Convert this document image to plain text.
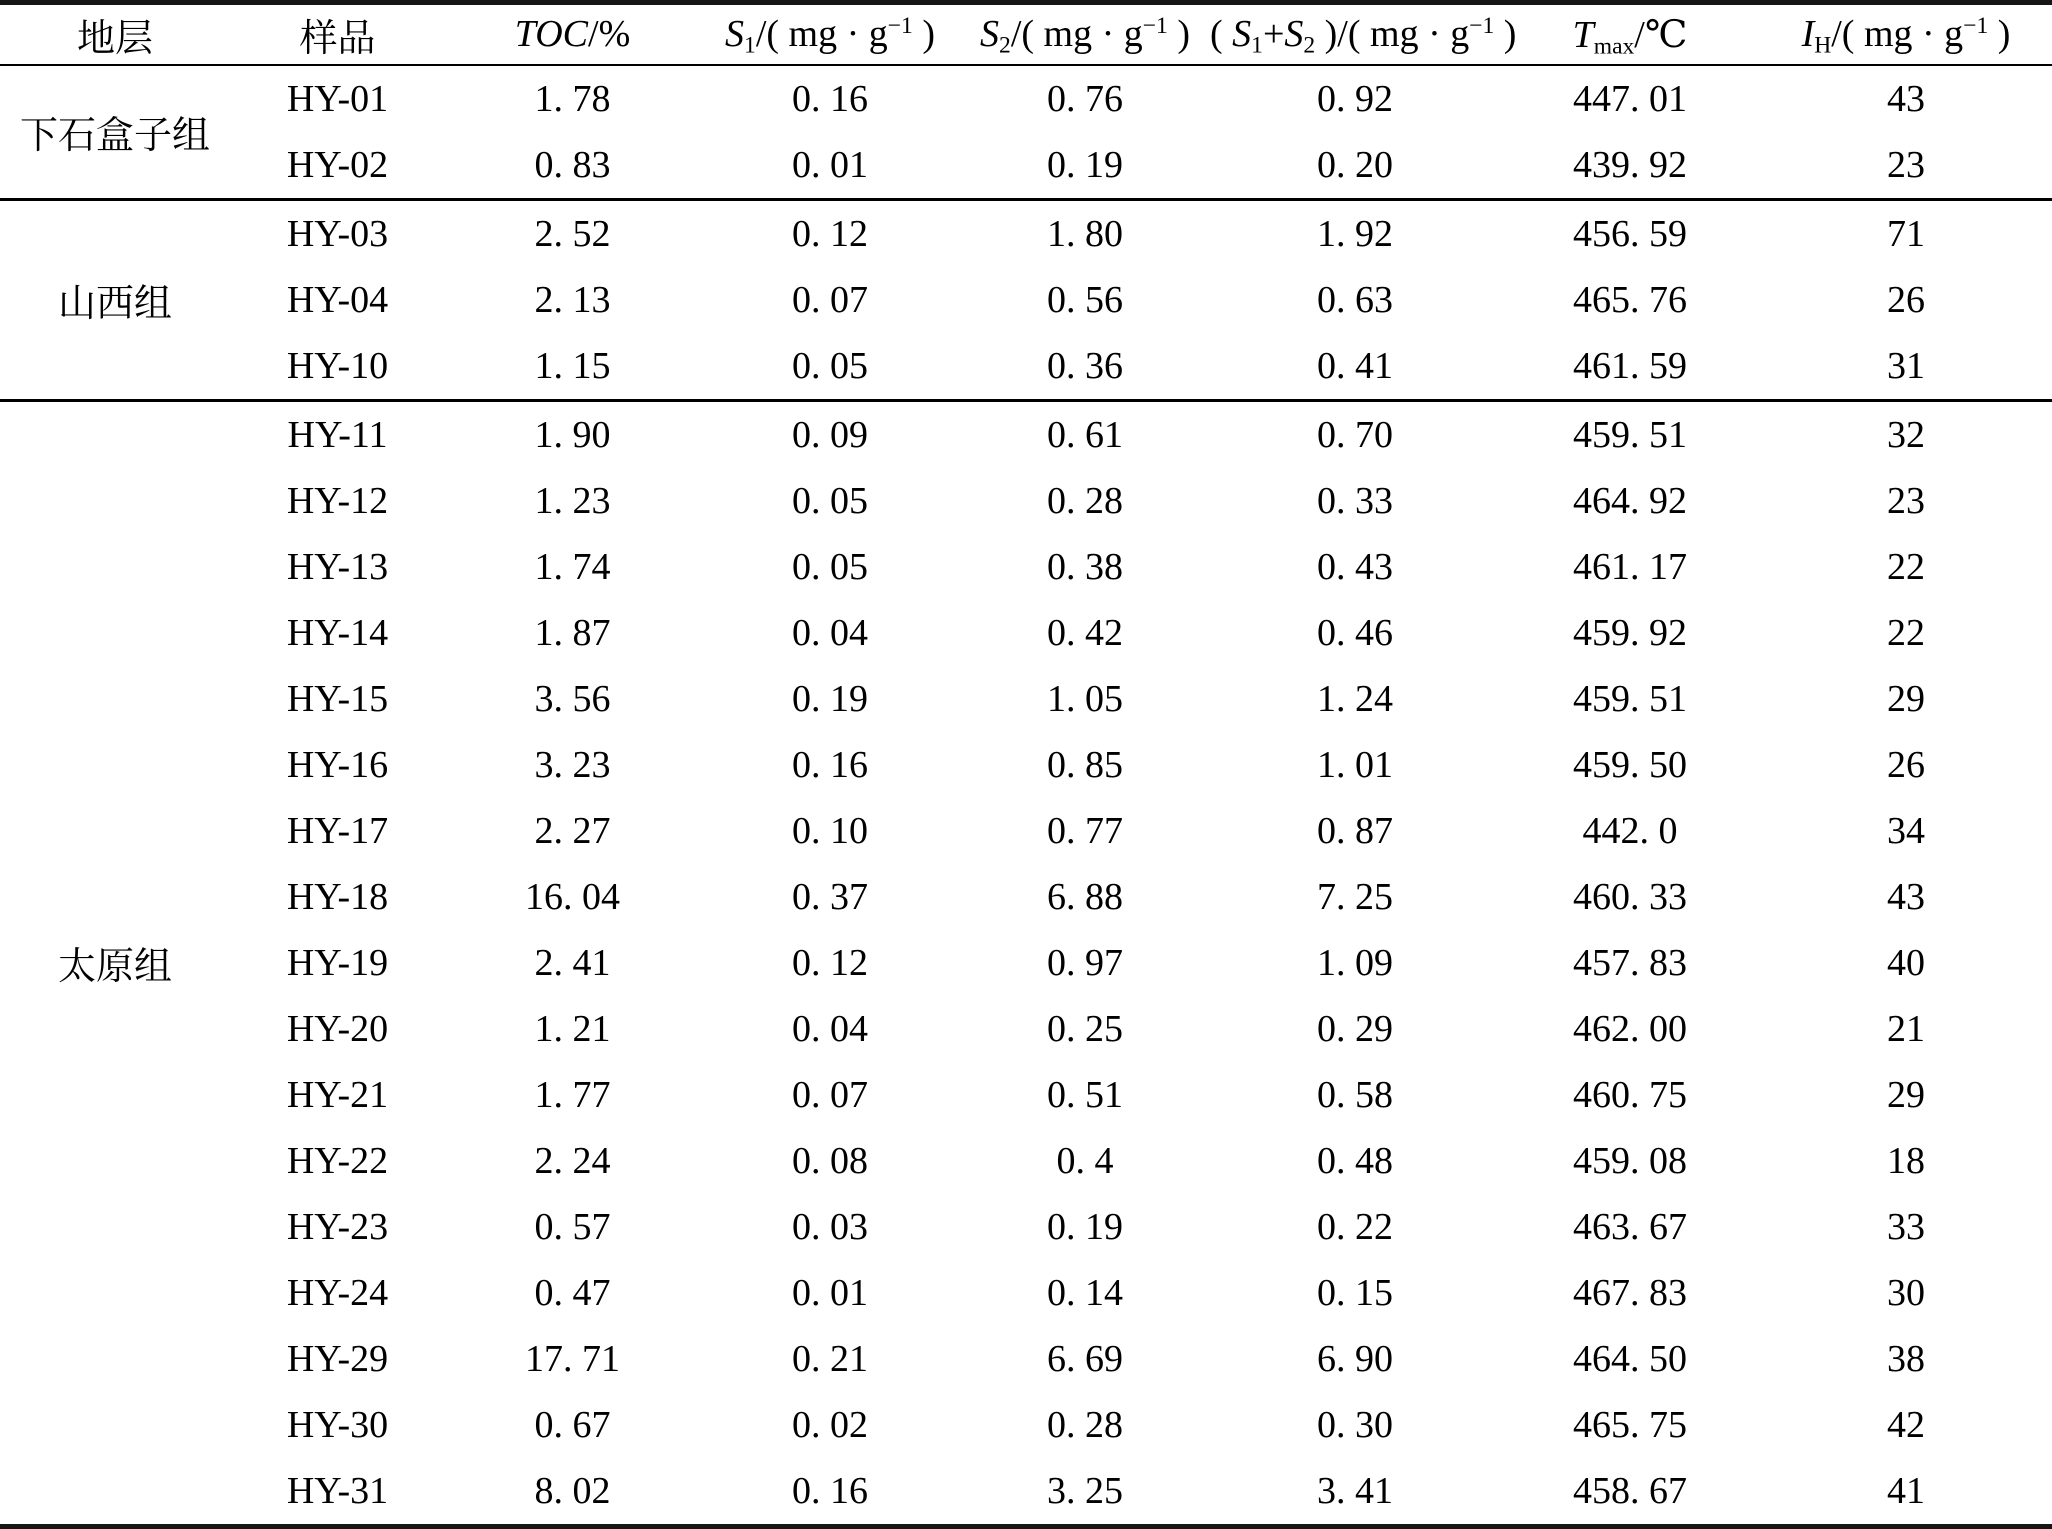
地层	样品	TOC/%	$S_1/$( mg · $g^{-1}$ )	$S_2/$( mg · $g^{-1}$ )	( $S_1+S_2$ )/( mg · $g^{-1}$ )	$T_{max}/℃$	$I_H/$( mg · $g^{-1}$ )
下石盒子组	HY-01	1. 78	0. 16	0. 76	0. 92	447. 01	43
	HY-02	0. 83	0. 01	0. 19	0. 20	439. 92	23
山西组	HY-03	2. 52	0. 12	1. 80	1. 92	456. 59	71
	HY-04	2. 13	0. 07	0. 56	0. 63	465. 76	26
	HY-10	1. 15	0. 05	0. 36	0. 41	461. 59	31
太原组	HY-11	1. 90	0. 09	0. 61	0. 70	459. 51	32
	HY-12	1. 23	0. 05	0. 28	0. 33	464. 92	23
	HY-13	1. 74	0. 05	0. 38	0. 43	461. 17	22
	HY-14	1. 87	0. 04	0. 42	0. 46	459. 92	22
	HY-15	3. 56	0. 19	1. 05	1. 24	459. 51	29
	HY-16	3. 23	0. 16	0. 85	1. 01	459. 50	26
	HY-17	2. 27	0. 10	0. 77	0. 87	442. 0	34
	HY-18	16. 04	0. 37	6. 88	7. 25	460. 33	43
	HY-19	2. 41	0. 12	0. 97	1. 09	457. 83	40
	HY-20	1. 21	0. 04	0. 25	0. 29	462. 00	21
	HY-21	1. 77	0. 07	0. 51	0. 58	460. 75	29
	HY-22	2. 24	0. 08	0. 4	0. 48	459. 08	18
	HY-23	0. 57	0. 03	0. 19	0. 22	463. 67	33
	HY-24	0. 47	0. 01	0. 14	0. 15	467. 83	30
	HY-29	17. 71	0. 21	6. 69	6. 90	464. 50	38
	HY-30	0. 67	0. 02	0. 28	0. 30	465. 75	42
	HY-31	8. 02	0. 16	3. 25	3. 41	458. 67	41
